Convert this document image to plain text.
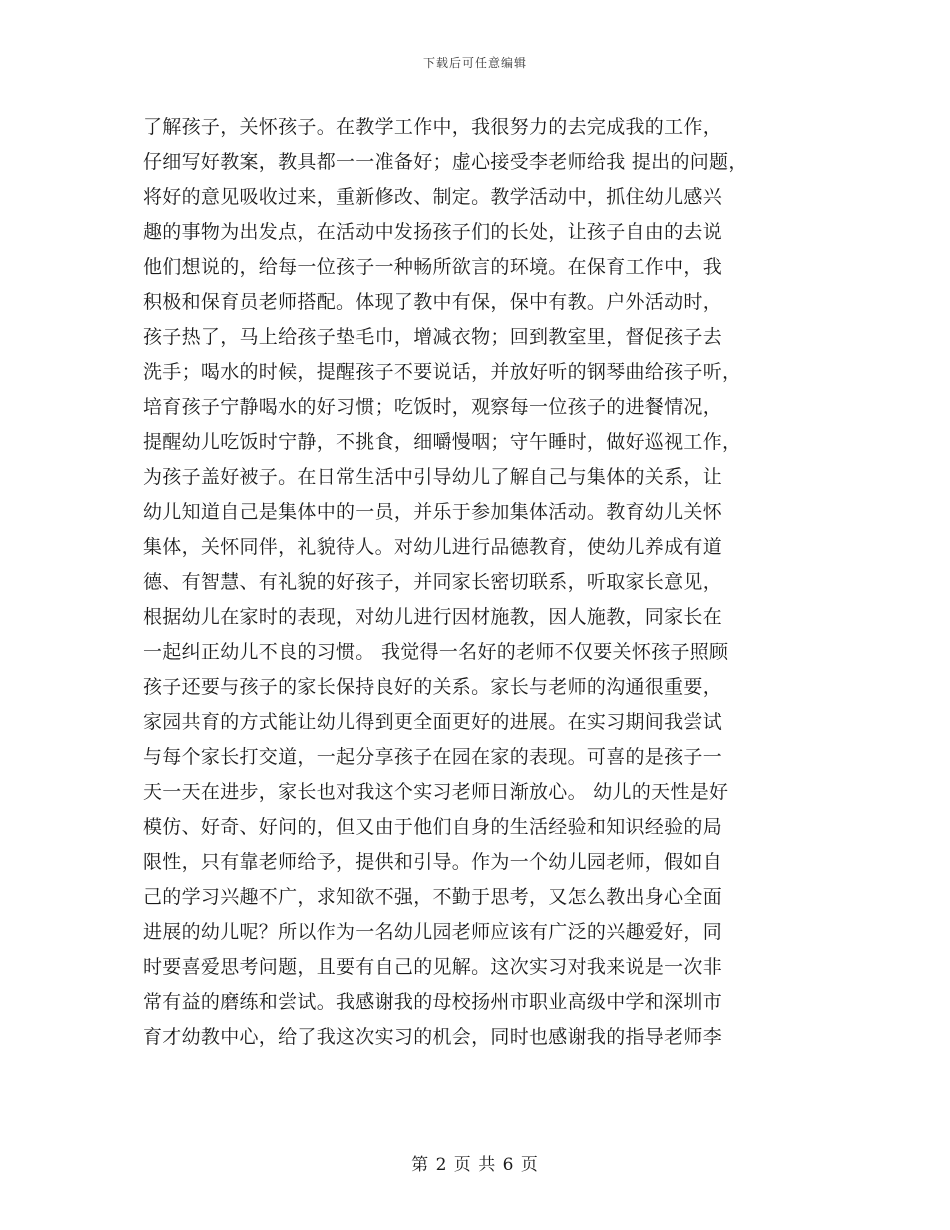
下载后可任意编辑
了解孩子，关怀孩子。在教学工作中，我很努力的去完成我的工作，
仔细写好教案，教具都一一准备好；虚心接受李老师给我 提出的问题，
将好的意见吸收过来，重新修改、制定。教学活动中，抓住幼儿感兴
趣的事物为出发点，在活动中发扬孩子们的长处，让孩子自由的去说
他们想说的，给每一位孩子一种畅所欲言的环境。在保育工作中，我
积极和保育员老师搭配。体现了教中有保，保中有教。户外活动时，
孩子热了，马上给孩子垫毛巾，增减衣物；回到教室里，督促孩子去
洗手；喝水的时候，提醒孩子不要说话，并放好听的钢琴曲给孩子听，
培育孩子宁静喝水的好习惯；吃饭时，观察每一位孩子的进餐情况，
提醒幼儿吃饭时宁静，不挑食，细嚼慢咽；守午睡时，做好巡视工作，
为孩子盖好被子。在日常生活中引导幼儿了解自己与集体的关系，让
幼儿知道自己是集体中的一员，并乐于参加集体活动。教育幼儿关怀
集体，关怀同伴，礼貌待人。对幼儿进行品德教育，使幼儿养成有道
德、有智慧、有礼貌的好孩子，并同家长密切联系，听取家长意见，
根据幼儿在家时的表现，对幼儿进行因材施教，因人施教，同家长在
一起纠正幼儿不良的习惯。 我觉得一名好的老师不仅要关怀孩子照顾
孩子还要与孩子的家长保持良好的关系。家长与老师的沟通很重要，
家园共育的方式能让幼儿得到更全面更好的进展。在实习期间我尝试
与每个家长打交道，一起分享孩子在园在家的表现。可喜的是孩子一
天一天在进步，家长也对我这个实习老师日渐放心。 幼儿的天性是好
模仿、好奇、好问的，但又由于他们自身的生活经验和知识经验的局
限性，只有靠老师给予，提供和引导。作为一个幼儿园老师，假如自
己的学习兴趣不广，求知欲不强，不勤于思考，又怎么教出身心全面
进展的幼儿呢？所以作为一名幼儿园老师应该有广泛的兴趣爱好，同
时要喜爱思考问题，且要有自己的见解。这次实习对我来说是一次非
常有益的磨练和尝试。我感谢我的母校扬州市职业高级中学和深圳市
育才幼教中心，给了我这次实习的机会，同时也感谢我的指导老师李
第 2 页 共 6 页
